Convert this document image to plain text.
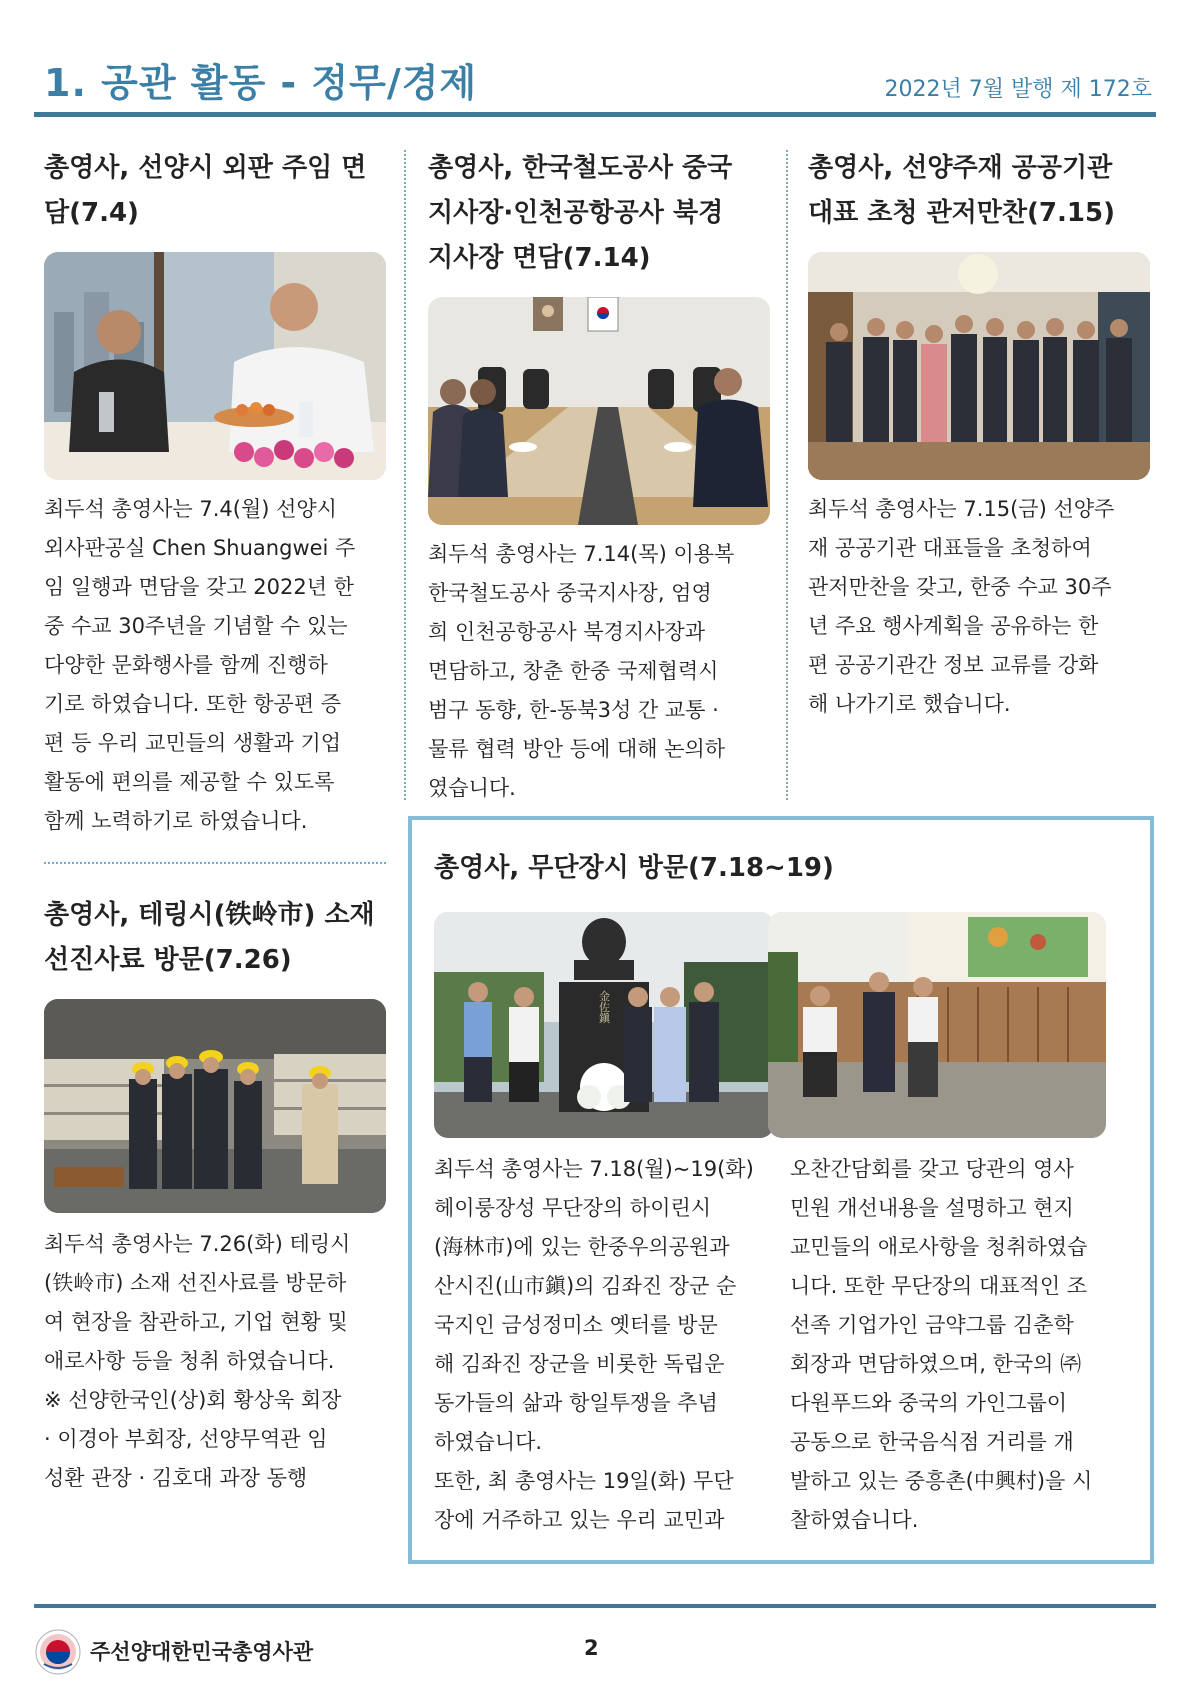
1. 공관 활동 - 정무/경제	2022년 7월 발행 제 172호
총영사, 선양시 외판 주임 면
담(7.4)
최두석 총영사는 7.4(월) 선양시
외사판공실 Chen Shuangwei 주
임 일행과 면담을 갖고 2022년 한
중 수교 30주년을 기념할 수 있는
다양한 문화행사를 함께 진행하
기로 하였습니다. 또한 항공편 증
편 등 우리 교민들의 생활과 기업
활동에 편의를 제공할 수 있도록
함께 노력하기로 하였습니다.
총영사, 한국철도공사 중국
지사장·인천공항공사 북경
지사장 면담(7.14)
최두석 총영사는 7.14(목) 이용복
한국철도공사 중국지사장, 엄영
희 인천공항공사 북경지사장과
면담하고, 창춘 한중 국제협력시
범구 동향, 한-동북3성 간 교통 ·
물류 협력 방안 등에 대해 논의하
였습니다.
총영사, 선양주재 공공기관
대표 초청 관저만찬(7.15)
최두석 총영사는 7.15(금) 선양주
재 공공기관 대표들을 초청하여
관저만찬을 갖고, 한중 수교 30주
년 주요 행사계획을 공유하는 한
편 공공기관간 정보 교류를 강화
해 나가기로 했습니다.
총영사, 테링시(铁岭市) 소재
선진사료 방문(7.26)
최두석 총영사는 7.26(화) 테링시
(铁岭市) 소재 선진사료를 방문하
여 현장을 참관하고, 기업 현황 및
애로사항 등을 청취 하였습니다.
※ 선양한국인(상)회 황상욱 회장
· 이경아 부회장, 선양무역관 임
성환 관장 · 김호대 과장 동행
총영사, 무단장시 방문(7.18~19)
金佐鎭
최두석 총영사는 7.18(월)~19(화)
헤이룽장성 무단장의 하이린시
(海林市)에 있는 한중우의공원과
산시진(山市鎭)의 김좌진 장군 순
국지인 금성정미소 옛터를 방문
해 김좌진 장군을 비롯한 독립운
동가들의 삶과 항일투쟁을 추념
하였습니다.
또한, 최 총영사는 19일(화) 무단
장에 거주하고 있는 우리 교민과
오찬간담회를 갖고 당관의 영사
민원 개선내용을 설명하고 현지
교민들의 애로사항을 청취하였습
니다. 또한 무단장의 대표적인 조
선족 기업가인 금약그룹 김춘학
회장과 면담하였으며, 한국의 ㈜
다원푸드와 중국의 가인그룹이
공동으로 한국음식점 거리를 개
발하고 있는 중흥촌(中興村)을 시
찰하였습니다.
주선양대한민국총영사관	2
